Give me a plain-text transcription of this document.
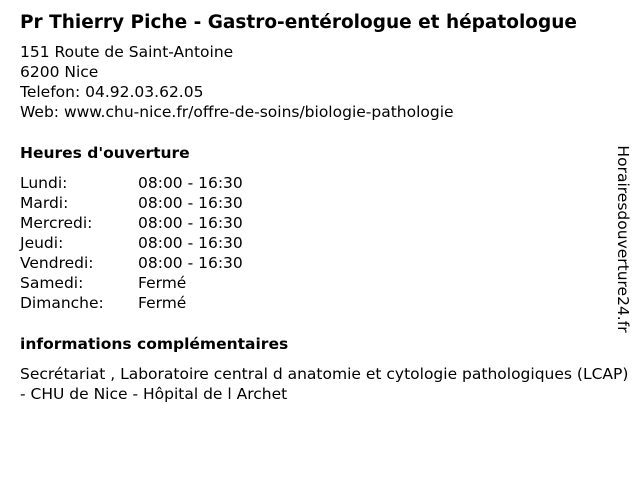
Pr Thierry Piche - Gastro-entérologue et hépatologue
151 Route de Saint-Antoine
6200 Nice
Telefon: 04.92.03.62.05
Web: www.chu-nice.fr/offre-de-soins/biologie-pathologie
Heures d'ouverture
Lundi:	08:00 - 16:30
Mardi:	08:00 - 16:30
Mercredi:	08:00 - 16:30
Jeudi:	08:00 - 16:30
Vendredi:	08:00 - 16:30
Samedi:	Fermé
Dimanche:	Fermé
informations complémentaires
Secrétariat , Laboratoire central d anatomie et cytologie pathologiques (LCAP) - CHU de Nice - Hôpital de l Archet
Horairesdouverture24.fr
